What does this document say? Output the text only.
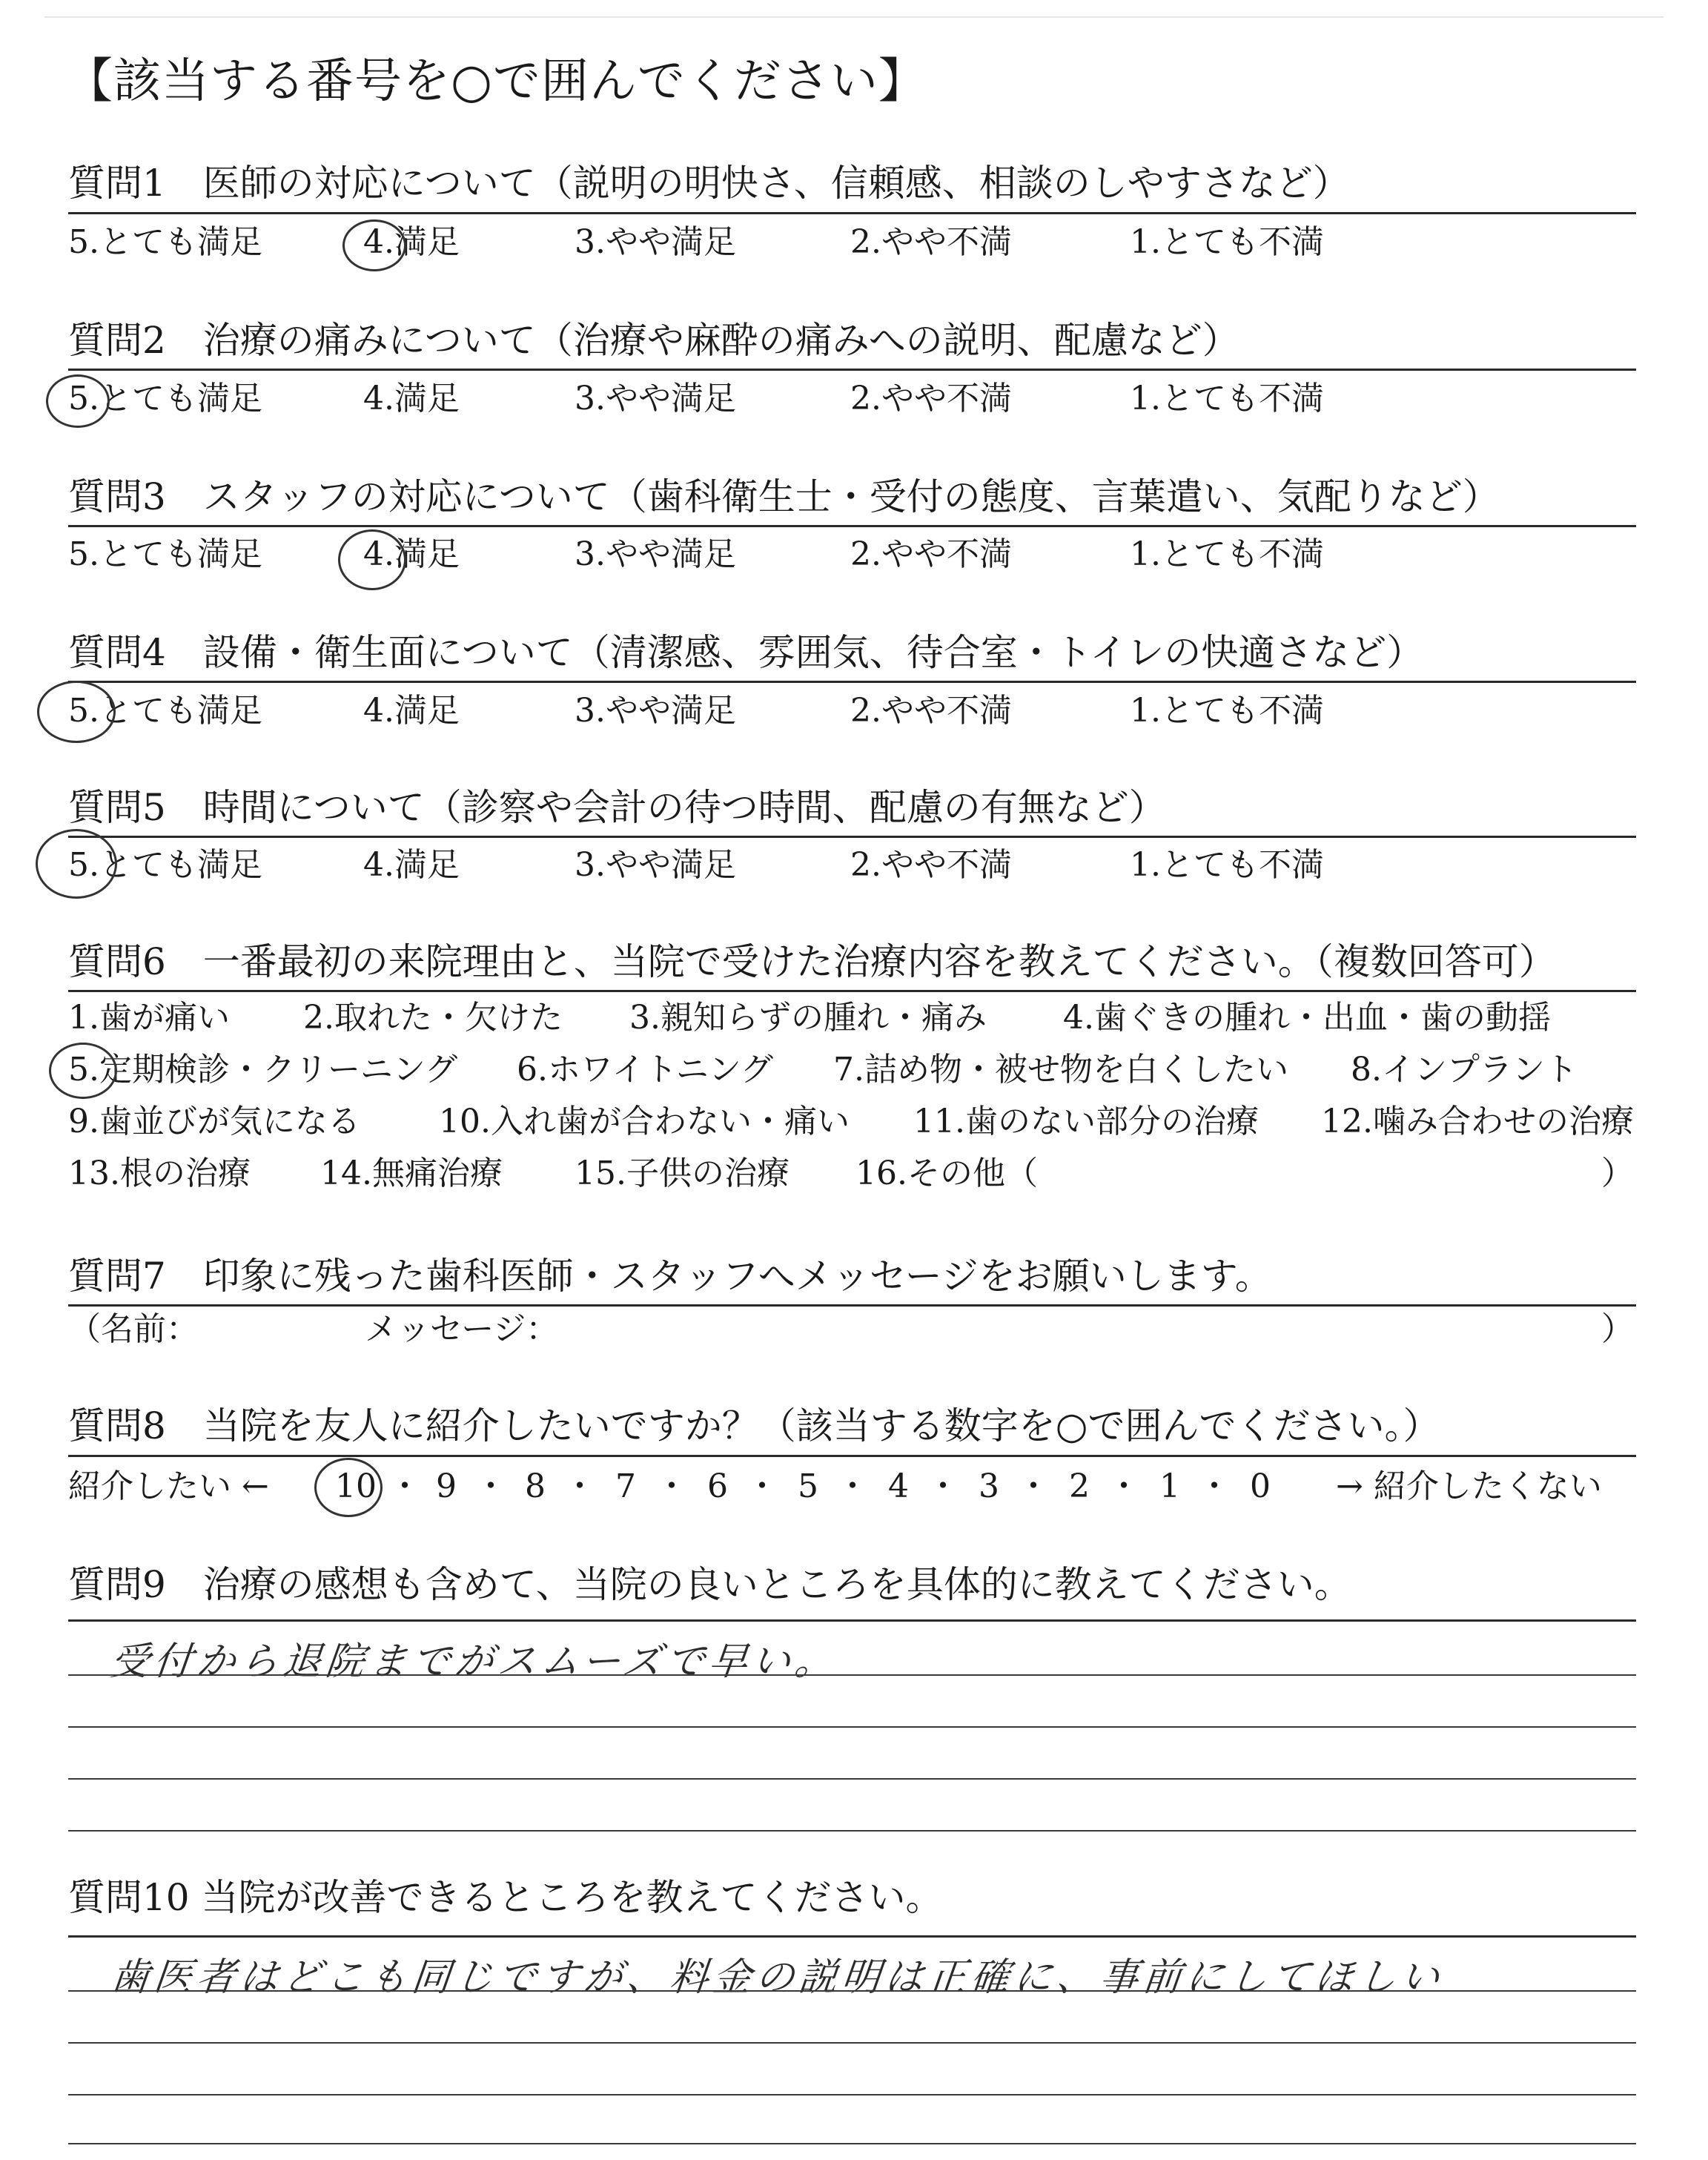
【該当する番号を○で囲んでください】
質問1　医師の対応について（説明の明快さ、信頼感、相談のしやすさなど）
5.とても満足	4.満足	3.やや満足	2.やや不満	1.とても不満
質問2　治療の痛みについて（治療や麻酔の痛みへの説明、配慮など）
5.とても満足	4.満足	3.やや満足	2.やや不満	1.とても不満
質問3　スタッフの対応について（歯科衛生士・受付の態度、言葉遣い、気配りなど）
5.とても満足	4.満足	3.やや満足	2.やや不満	1.とても不満
質問4　設備・衛生面について（清潔感、雰囲気、待合室・トイレの快適さなど）
5.とても満足	4.満足	3.やや満足	2.やや不満	1.とても不満
質問5　時間について（診察や会計の待つ時間、配慮の有無など）
5.とても満足	4.満足	3.やや満足	2.やや不満	1.とても不満
質問6　一番最初の来院理由と、当院で受けた治療内容を教えてください。（複数回答可）
1.歯が痛い 2.取れた・欠けた 3.親知らずの腫れ・痛み 4.歯ぐきの腫れ・出血・歯の動揺
5.定期検診・クリーニング 6.ホワイトニング 7.詰め物・被せ物を白くしたい 8.インプラント
9.歯並びが気になる 10.入れ歯が合わない・痛い 11.歯のない部分の治療 12.噛み合わせの治療
13.根の治療 14.無痛治療 15.子供の治療 16.その他（	）
質問7　印象に残った歯科医師・スタッフへメッセージをお願いします。
（名前：	メッセージ：	）
質問8　当院を友人に紹介したいですか？（該当する数字を○で囲んでください。）
紹介したい ← 10 ・ 9 ・ 8 ・ 7 ・ 6 ・ 5 ・ 4 ・ 3 ・ 2 ・ 1 ・ 0 → 紹介したくない
質問9　治療の感想も含めて、当院の良いところを具体的に教えてください。
受付から退院までがスムーズで早い。
質問10 当院が改善できるところを教えてください。
歯医者はどこも同じですが、料金の説明は正確に、事前にしてほしい
